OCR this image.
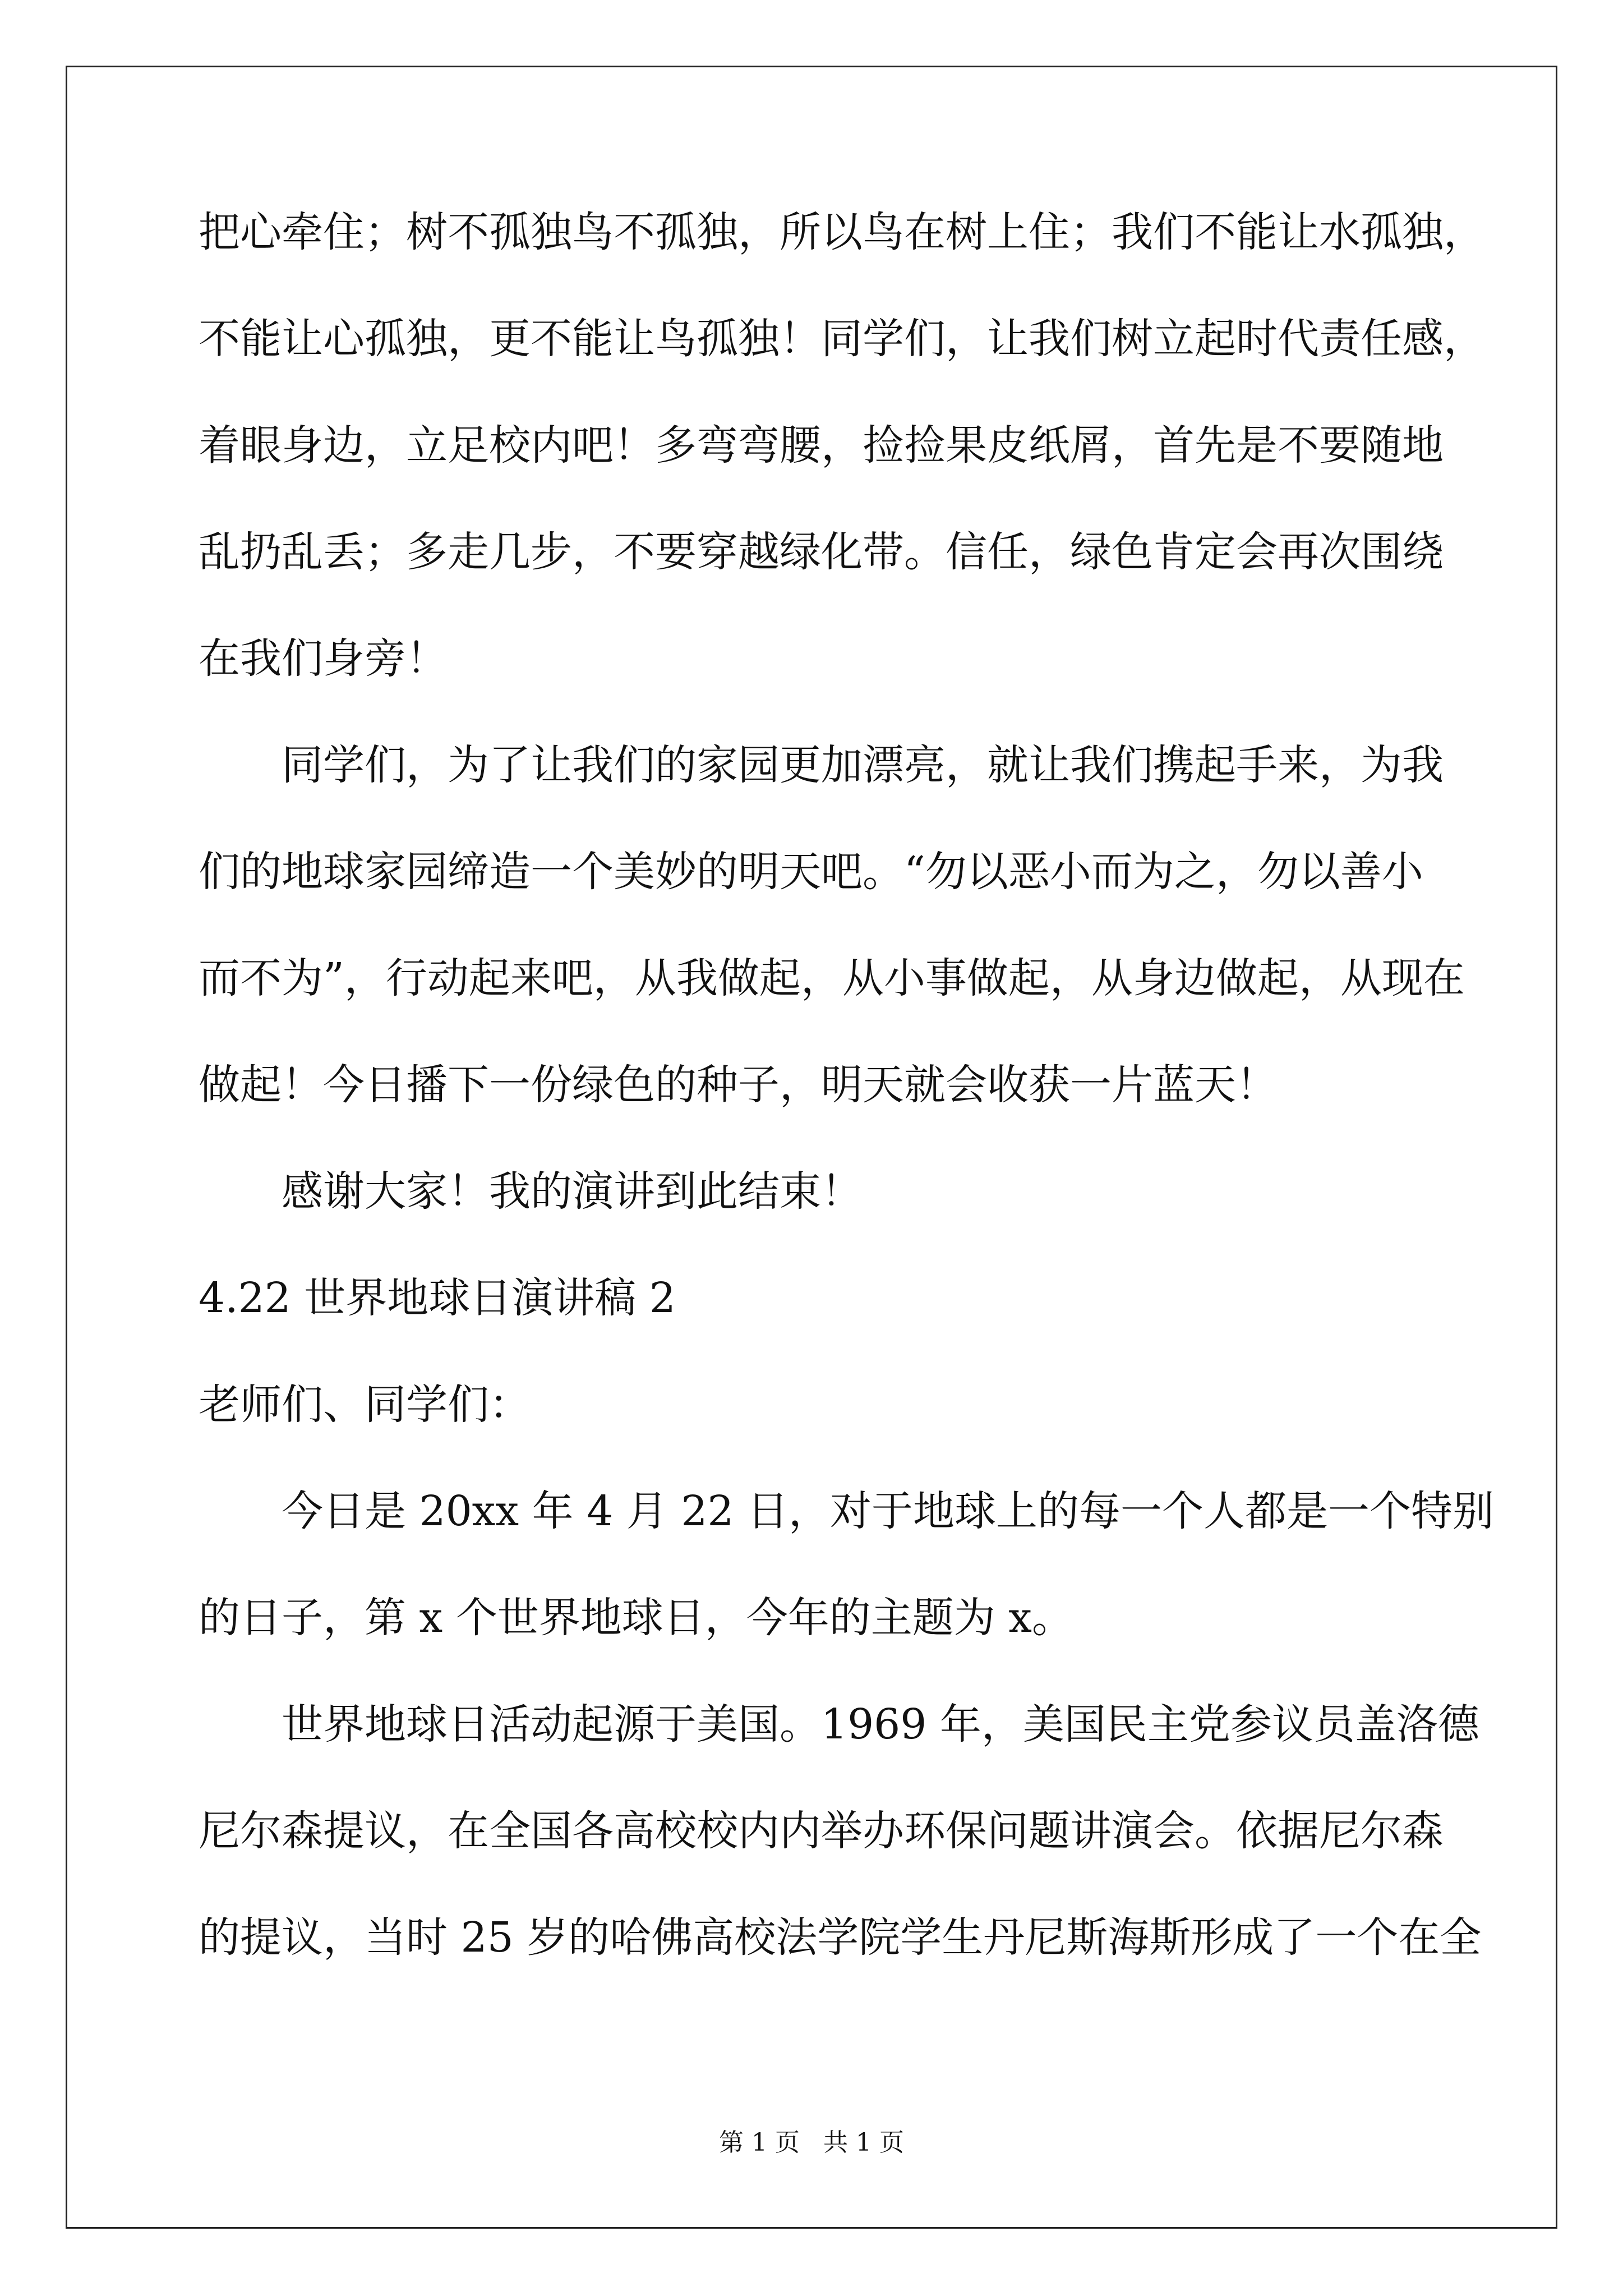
把心牵住；树不孤独鸟不孤独，所以鸟在树上住；我们不能让水孤独，
不能让心孤独，更不能让鸟孤独！同学们，让我们树立起时代责任感，
着眼身边，立足校内吧！多弯弯腰，捡捡果皮纸屑，首先是不要随地
乱扔乱丢；多走几步，不要穿越绿化带。信任，绿色肯定会再次围绕
在我们身旁！
同学们，为了让我们的家园更加漂亮，就让我们携起手来，为我
们的地球家园缔造一个美妙的明天吧。“勿以恶小而为之，勿以善小
而不为”，行动起来吧，从我做起，从小事做起，从身边做起，从现在
做起！今日播下一份绿色的种子，明天就会收获一片蓝天！
感谢大家！我的演讲到此结束！
4.22 世界地球日演讲稿 2
老师们、同学们：
今日是 20xx 年 4 月 22 日，对于地球上的每一个人都是一个特别
的日子，第 x 个世界地球日，今年的主题为 x。
世界地球日活动起源于美国。1969 年，美国民主党参议员盖洛德
尼尔森提议，在全国各高校校内内举办环保问题讲演会。依据尼尔森
的提议，当时 25 岁的哈佛高校法学院学生丹尼斯海斯形成了一个在全
第 1 页   共 1 页
